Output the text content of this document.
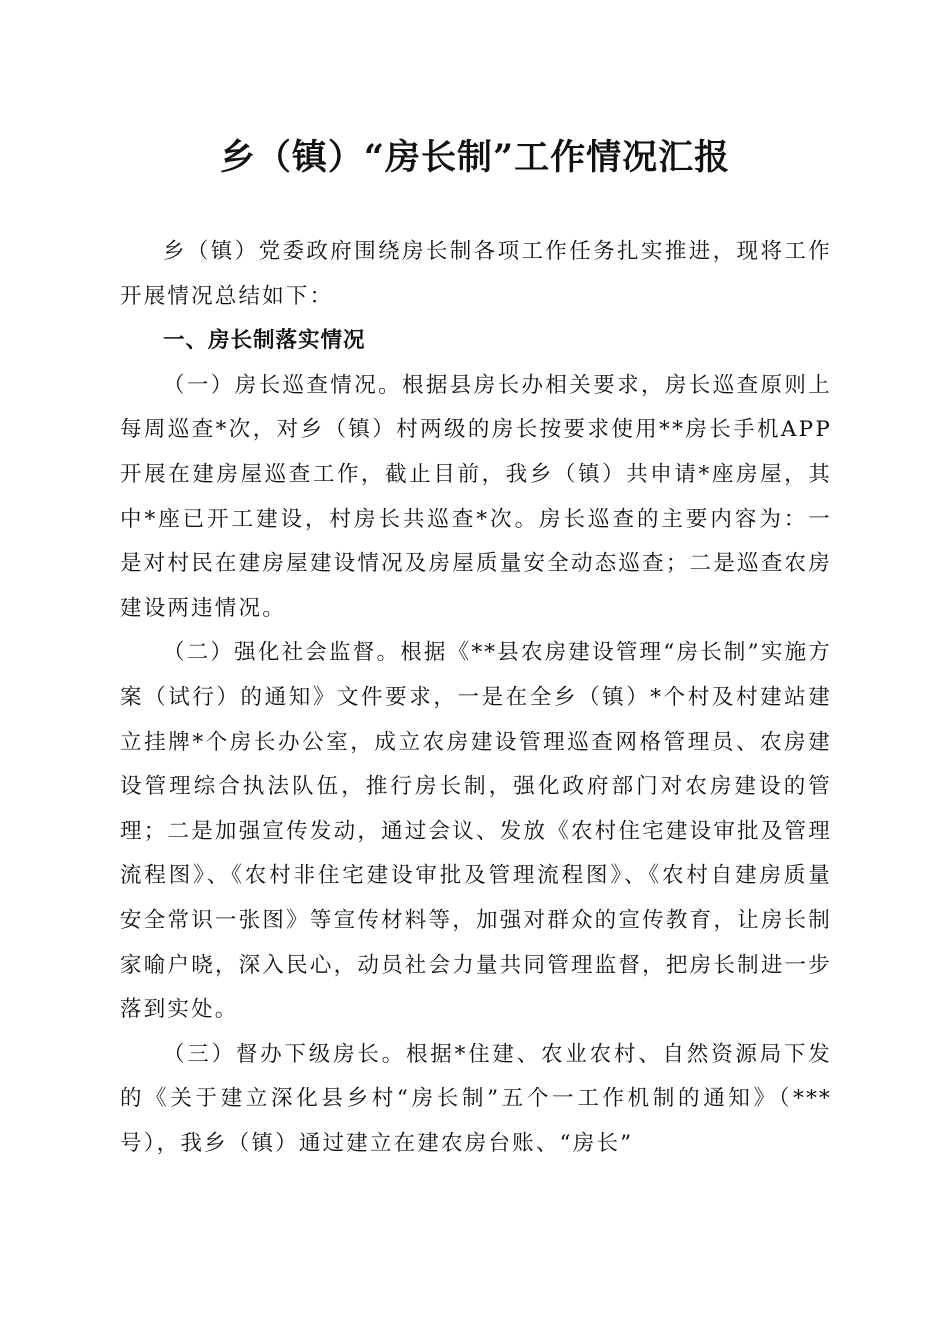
乡（镇）“房长制”工作情况汇报

乡（镇）党委政府围绕房长制各项工作任务扎实推进，现将工作开展情况总结如下：

一、房长制落实情况

（一）房长巡查情况。根据县房长办相关要求，房长巡查原则上每周巡查*次，对乡（镇）村两级的房长按要求使用**房长手机APP开展在建房屋巡查工作，截止目前，我乡（镇）共申请*座房屋，其中*座已开工建设，村房长共巡查*次。房长巡查的主要内容为：一是对村民在建房屋建设情况及房屋质量安全动态巡查；二是巡查农房建设两违情况。

（二）强化社会监督。根据《**县农房建设管理“房长制”实施方案（试行）的通知》文件要求，一是在全乡（镇）*个村及村建站建立挂牌*个房长办公室，成立农房建设管理巡查网格管理员、农房建设管理综合执法队伍，推行房长制，强化政府部门对农房建设的管理；二是加强宣传发动，通过会议、发放《农村住宅建设审批及管理流程图》、《农村非住宅建设审批及管理流程图》、《农村自建房质量安全常识一张图》等宣传材料等，加强对群众的宣传教育，让房长制家喻户晓，深入民心，动员社会力量共同管理监督，把房长制进一步落到实处。

（三）督办下级房长。根据*住建、农业农村、自然资源局下发的《关于建立深化县乡村“房长制”五个一工作机制的通知》（***号），我乡（镇）通过建立在建农房台账、“房长”
